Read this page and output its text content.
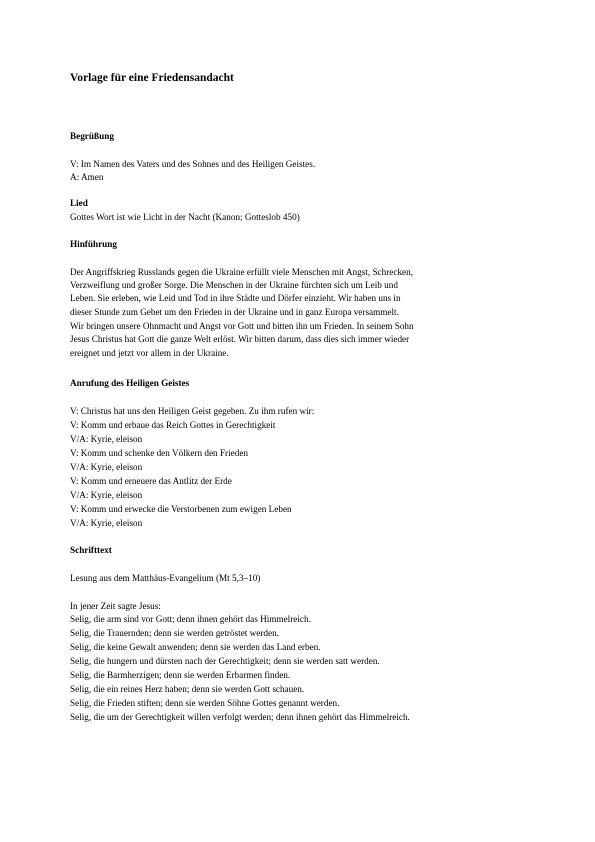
Vorlage für eine Friedensandacht
Begrüßung

V: Im Namen des Vaters und des Sohnes und des Heiligen Geistes.

A: Amen

Lied

Gottes Wort ist wie Licht in der Nacht (Kanon; Gotteslob 450)

Hinführung

Der Angriffskrieg Russlands gegen die Ukraine erfüllt viele Menschen mit Angst, Schrecken,

Verzweiflung und großer Sorge. Die Menschen in der Ukraine fürchten sich um Leib und

Leben. Sie erleben, wie Leid und Tod in ihre Städte und Dörfer einzieht. Wir haben uns in

dieser Stunde zum Gebet um den Frieden in der Ukraine und in ganz Europa versammelt.

Wir bringen unsere Ohnmacht und Angst vor Gott und bitten ihn um Frieden. In seinem Sohn

Jesus Christus hat Gott die ganze Welt erlöst. Wir bitten darum, dass dies sich immer wieder

ereignet und jetzt vor allem in der Ukraine.

Anrufung des Heiligen Geistes

V: Christus hat uns den Heiligen Geist gegeben. Zu ihm rufen wir:

V: Komm und erbaue das Reich Gottes in Gerechtigkeit

V/A: Kyrie, eleison

V: Komm und schenke den Völkern den Frieden

V/A: Kyrie, eleison

V: Komm und erneuere das Antlitz der Erde

V/A: Kyrie, eleison

V: Komm und erwecke die Verstorbenen zum ewigen Leben

V/A: Kyrie, eleison

Schrifttext

Lesung aus dem Matthäus-Evangelium (Mt 5,3–10)

In jener Zeit sagte Jesus:

Selig, die arm sind vor Gott; denn ihnen gehört das Himmelreich.

Selig, die Trauernden; denn sie werden getröstet werden.

Selig, die keine Gewalt anwenden; denn sie werden das Land erben.

Selig, die hungern und dürsten nach der Gerechtigkeit; denn sie werden satt werden.

Selig, die Barmherzigen; denn sie werden Erbarmen finden.

Selig, die ein reines Herz haben; denn sie werden Gott schauen.

Selig, die Frieden stiften; denn sie werden Söhne Gottes genannt werden.

Selig, die um der Gerechtigkeit willen verfolgt werden; denn ihnen gehört das Himmelreich.
